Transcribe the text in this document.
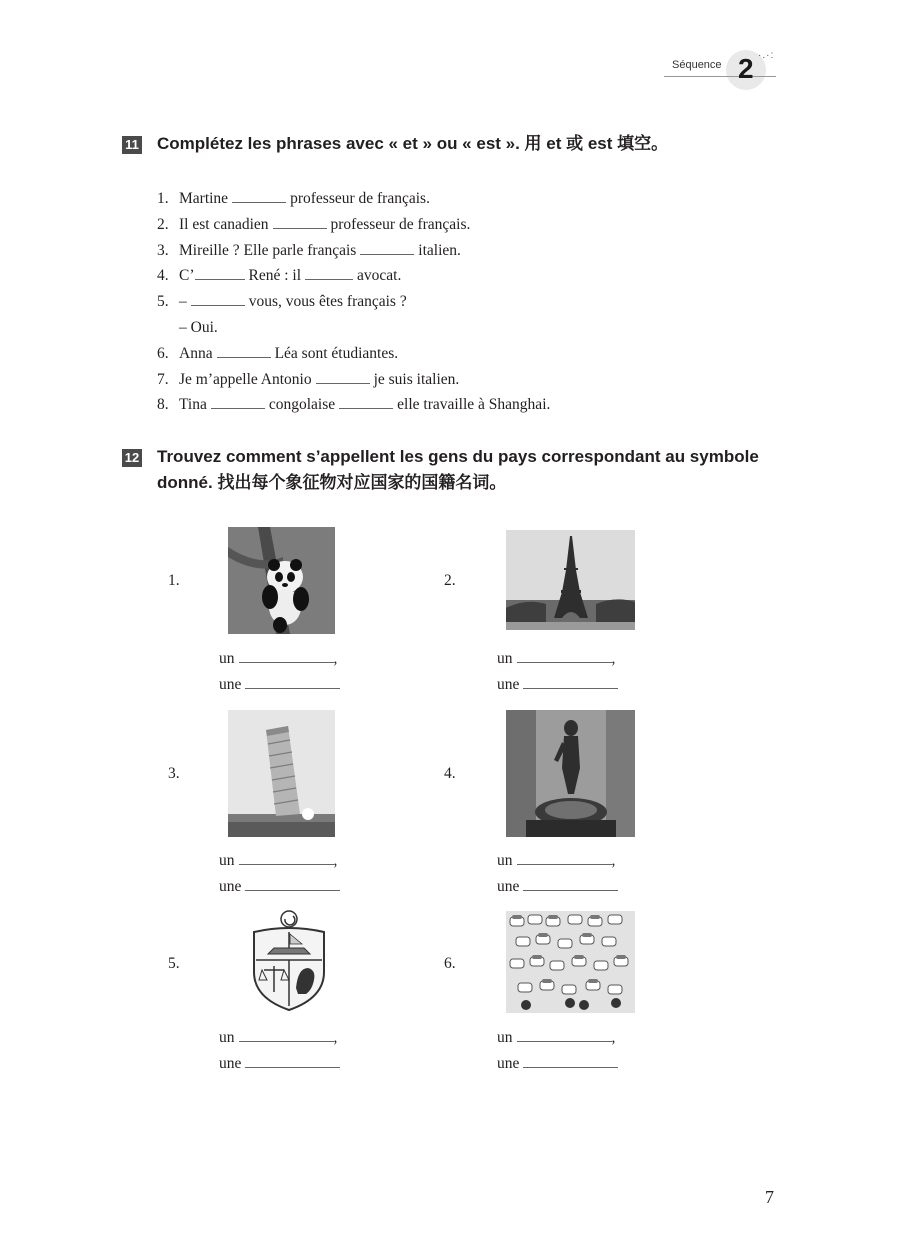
Séquence 2 ·.·:
11 Complétez les phrases avec « et » ou « est ». 用 et 或 est 填空。
1. Martine	professeur de français.
2. Il est canadien	professeur de français.
3. Mireille ? Elle parle français	italien.
4. C’	René : il	avocat.
5. –	vous, vous êtes français ?
– Oui.
6. Anna	Léa sont étudiantes.
7. Je m’appelle Antonio	je suis italien.
8. Tina	congolaise	elle travaille à Shanghai.
12 Trouvez comment s’appellent les gens du pays correspondant au symbole
donné. 找出每个象征物对应国家的国籍名词。
1.
un	,
une
2.
un	,
une
3.
un	,
une
4.
un	,
une
5.
un	,
une
6.
un	,
une
7
